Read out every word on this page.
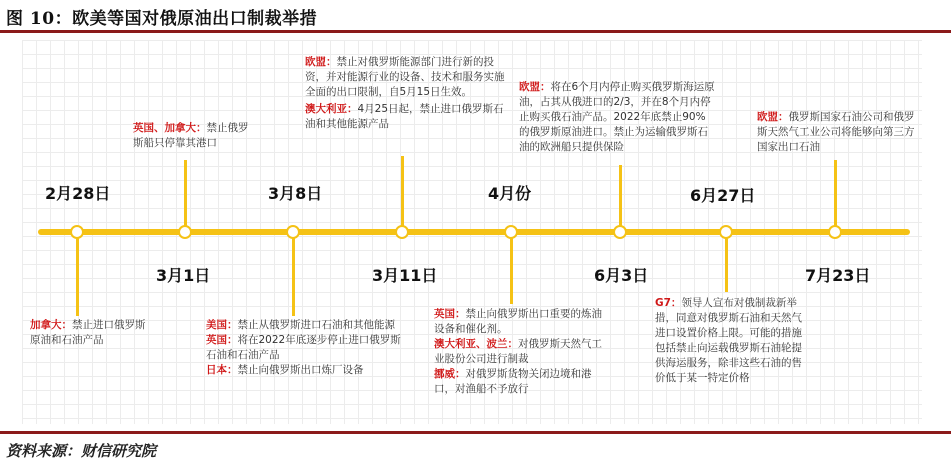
图 10：欧美等国对俄原油出口制裁举措
2月28日
3月1日
3月8日
3月11日
4月份
6月3日
6月27日
7月23日

英国、加拿大：禁止俄罗斯船只停靠其港口

欧盟：禁止对俄罗斯能源部门进行新的投资，并对能源行业的设备、技术和服务实施全面的出口限制，自5月15日生效。

澳大利亚：4月25日起，禁止进口俄罗斯石油和其他能源产品

欧盟：将在6个月内停止购买俄罗斯海运原油，占其从俄进口的2/3，并在8个月内停止购买俄石油产品。2022年底禁止90%的俄罗斯原油进口。禁止为运输俄罗斯石油的欧洲船只提供保险

欧盟：俄罗斯国家石油公司和俄罗斯天然气工业公司将能够向第三方国家出口石油

加拿大：禁止进口俄罗斯原油和石油产品

美国：禁止从俄罗斯进口石油和其他能源

英国：将在2022年底逐步停止进口俄罗斯石油和石油产品

日本：禁止向俄罗斯出口炼厂设备

英国：禁止向俄罗斯出口重要的炼油设备和催化剂。

澳大利亚、波兰：对俄罗斯天然气工业股份公司进行制裁

挪威：对俄罗斯货物关闭边境和港口，对渔船不予放行

G7：领导人宣布对俄制裁新举措，同意对俄罗斯石油和天然气进口设置价格上限。可能的措施包括禁止向运载俄罗斯石油轮提供海运服务，除非这些石油的售价低于某一特定价格

资料来源：财信研究院
